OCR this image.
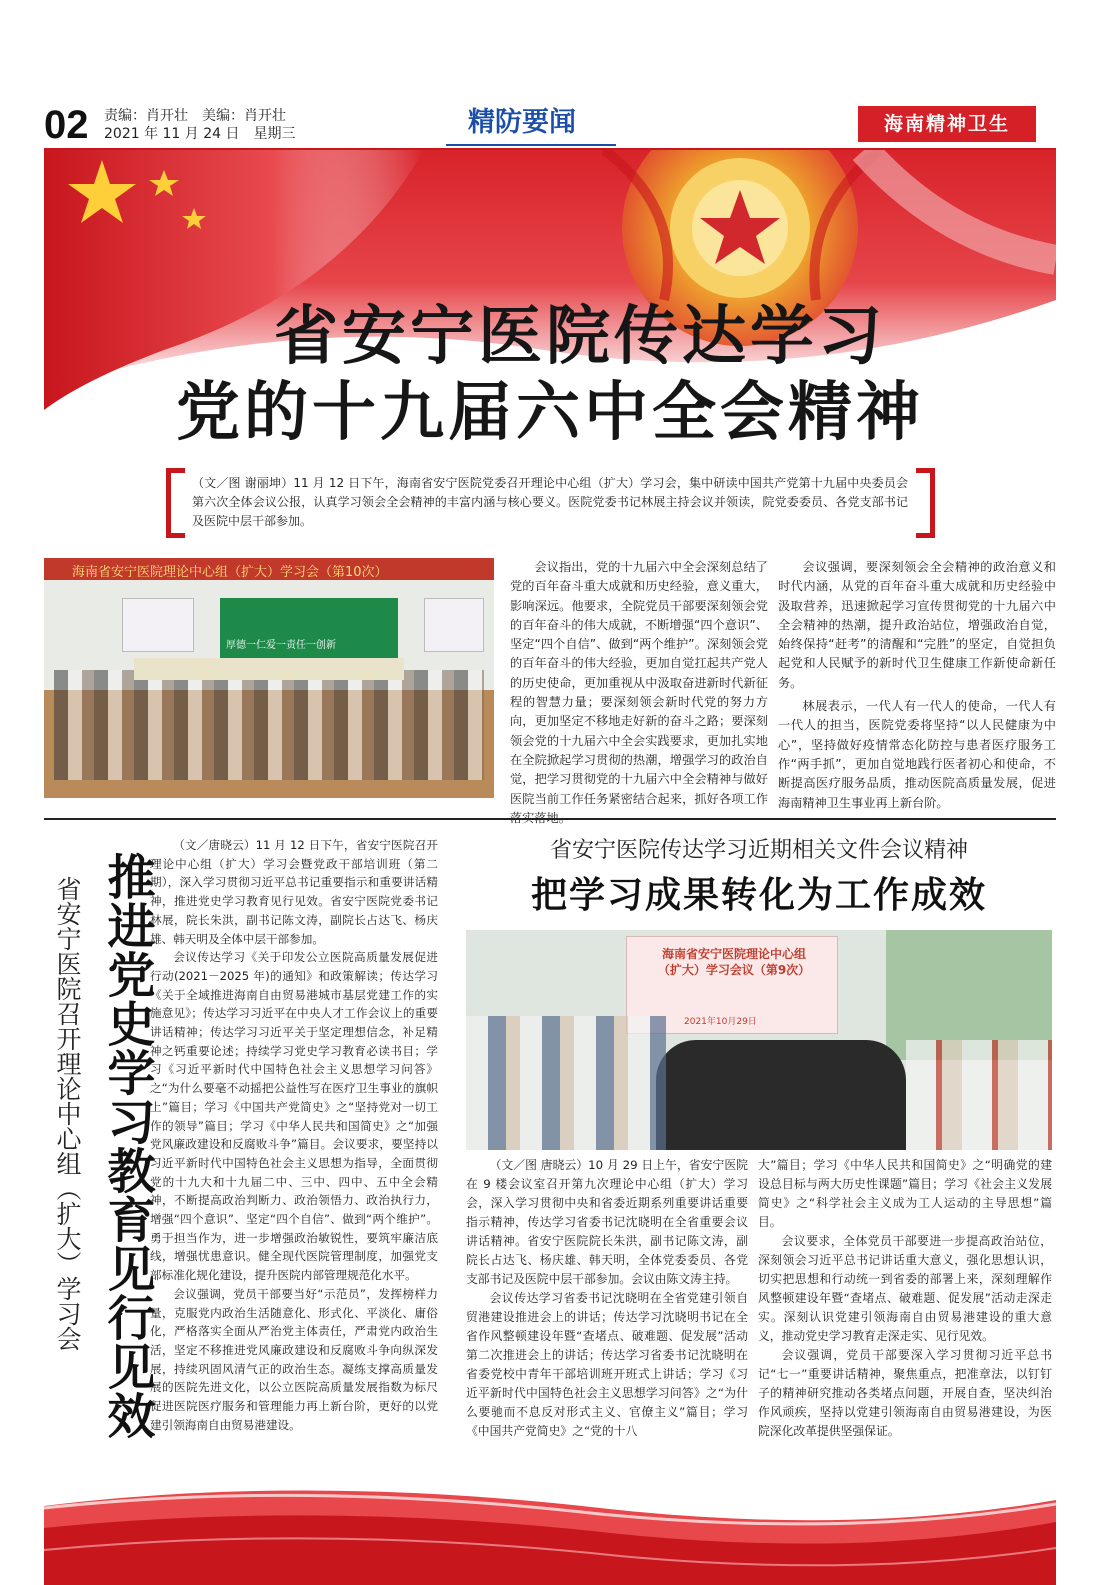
02 责编：肖开壮　美编：肖开壮
2021 年 11 月 24 日　星期三	精防要闻	海南精神卫生
省安宁医院传达学习
党的十九届六中全会精神
（文／图 谢丽坤）11 月 12 日下午，海南省安宁医院党委召开理论中心组（扩大）学习会，集中研读中国共产党第十九届中央委员会第六次全体会议公报，认真学习领会全会精神的丰富内涵与核心要义。医院党委书记林展主持会议并领读，院党委委员、各党支部书记及医院中层干部参加。
海南省安宁医院理论中心组（扩大）学习会（第10次）
厚德一仁爱一责任一创新

会议指出，党的十九届六中全会深刻总结了党的百年奋斗重大成就和历史经验，意义重大，影响深远。他要求，全院党员干部要深刻领会党的百年奋斗的伟大成就，不断增强“四个意识”、坚定“四个自信”、做到“两个维护”。深刻领会党的百年奋斗的伟大经验，更加自觉扛起共产党人的历史使命，更加重视从中汲取奋进新时代新征程的智慧力量；要深刻领会新时代党的努力方向，更加坚定不移地走好新的奋斗之路；要深刻领会党的十九届六中全会实践要求，更加扎实地在全院掀起学习贯彻的热潮，增强学习的政治自觉，把学习贯彻党的十九届六中全会精神与做好医院当前工作任务紧密结合起来，抓好各项工作

会议强调，要深刻领会全会精神的政治意义和时代内涵，从党的百年奋斗重大成就和历史经验中汲取营养，迅速掀起学习宣传贯彻党的十九届六中全会精神的热潮，提升政治站位，增强政治自觉，始终保持“赶考”的清醒和“完胜”的坚定，自觉担负起党和人民赋予的新时代卫生健康工作新使命新任务。

林展表示，一代人有一代人的使命，一代人有一代人的担当，医院党委将坚持“以人民健康为中心”，坚持做好疫情常态化防控与患者医疗服务工作“两手抓”，更加自觉地践行医者初心和使命，不断提高医疗服务品质，推动医院高质量发展，促进海南精神卫生事业再上新台阶。

推进党史学习教育见行见效
省安宁医院召开理论中心组（扩大）学习会

（文／唐晓云）11 月 12 日下午，省安宁医院召开理论中心组（扩大）学习会暨党政干部培训班（第二期），深入学习贯彻习近平总书记重要指示和重要讲话精神，推进党史学习教育见行见效。省安宁医院党委书记林展，院长朱洪，副书记陈文涛，副院长占达飞、杨庆雄、韩天明及全体中层干部参加。

会议传达学习《关于印发公立医院高质量发展促进行动(2021－2025 年)的通知》和政策解读；传达学习《关于全域推进海南自由贸易港城市基层党建工作的实施意见》；传达学习习近平在中央人才工作会议上的重要讲话精神；传达学习习近平关于坚定理想信念，补足精神之钙重要论述；持续学习党史学习教育必读书目；学习《习近平新时代中国特色社会主义思想学习问答》之“为什么要毫不动摇把公益性写在医疗卫生事业的旗帜上”篇目；学习《中国共产党简史》之“坚持党对一切工作的领导”篇目；学习《中华人民共和国简史》之“加强党风廉政建设和反腐败斗争”篇目。会议要求，要坚持以习近平新时代中国特色社会主义思想为指导，全面贯彻党的十九大和十九届二中、三中、四中、五中全会精神，不断提高政治判断力、政治领悟力、政治执行力，增强“四个意识”、坚定“四个自信”、做到“两个维护”。勇于担当作为，进一步增强政治敏锐性，要筑牢廉洁底线，增强忧患意识。健全现代医院管理制度，加强党支部标准化规化建设，提升医院内部管理规范化水平。

会议强调，党员干部要当好“示范员”，发挥榜样力量，克服党内政治生活随意化、形式化、平淡化、庸俗化，严格落实全面从严治党主体责任，严肃党内政治生活，坚定不移推进党风廉政建设和反腐败斗争向纵深发展，持续巩固风清气正的政治生态。凝练支撑高质量发展的医院先进文化，以公立医院高质量发展指数为标尺促进医院医疗服务和管理能力再上新台阶，更好的以党建引领海南自由贸易港建设。

省安宁医院传达学习近期相关文件会议精神
把学习成果转化为工作成效
海南省安宁医院理论中心组（扩大）学习会议（第9次）
2021年10月29日

（文／图 唐晓云）10 月 29 日上午，省安宁医院在 9 楼会议室召开第九次理论中心组（扩大）学习会，深入学习贯彻中央和省委近期系列重要讲话重要指示精神，传达学习省委书记沈晓明在全省重要会议讲话精神。省安宁医院院长朱洪，副书记陈文涛，副院长占达飞、杨庆雄、韩天明，全体党委委员、各党支部书记及医院中层干部参加。会议由陈文涛主持。

会议传达学习省委书记沈晓明在全省党建引领自贸港建设推进会上的讲话；传达学习沈晓明书记在全省作风整顿建设年暨“查堵点、破难题、促发展”活动第二次推进会上的讲话；传达学习省委书记沈晓明在省委党校中青年干部培训班开班式上讲话；学习《习近平新时代中国特色社会主义思想学习问答》之“为什么要驰而不息反对形式主义、官僚主义”篇目；学习《中国共产党简史》之“党的十八

大”篇目；学习《中华人民共和国简史》之“明确党的建设总目标与两大历史性课题”篇目；学习《社会主义发展简史》之“科学社会主义成为工人运动的主导思想”篇目。

会议要求，全体党员干部要进一步提高政治站位，深刻领会习近平总书记讲话重大意义，强化思想认识，切实把思想和行动统一到省委的部署上来，深刻理解作风整顿建设年暨“查堵点、破难题、促发展”活动走深走实。深刻认识党建引领海南自由贸易港建设的重大意义，推动党史学习教育走深走实、见行见效。

会议强调，党员干部要深入学习贯彻习近平总书记“七一”重要讲话精神，聚焦重点，把准章法，以钉钉子的精神研究推动各类堵点问题，开展自查，坚决纠治作风顽疾，坚持以党建引领海南自由贸易港建设，为医院深化改革提供坚强保证。
